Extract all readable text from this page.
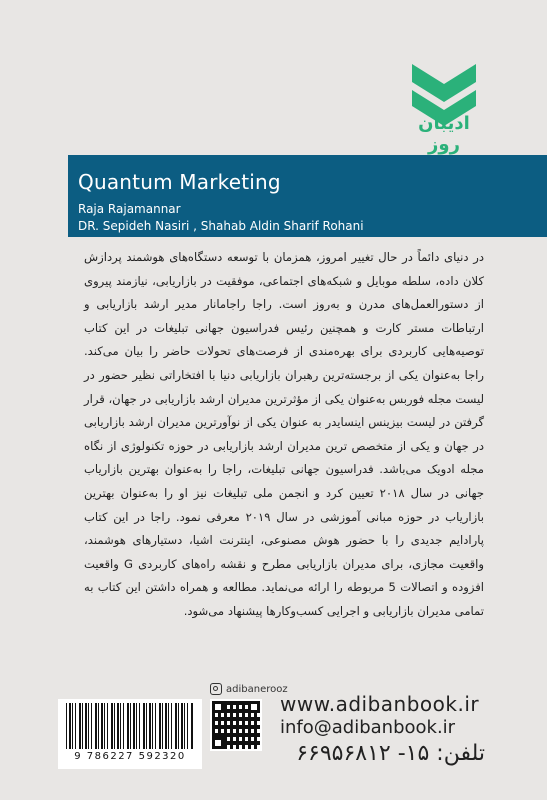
ادیبان روز
Quantum Marketing
Raja Rajamannar
DR. Sepideh Nasiri , Shahab Aldin Sharif Rohani

در دنیای دائماً در حال تغییر امروز، همزمان با توسعه دستگاه‌های هوشمند پردازش کلان داده، سلطه موبایل و شبکه‌های اجتماعی، موفقیت در بازاریابی، نیازمند پیروی از دستورالعمل‌های مدرن و به‌روز است. راجا راجامانار مدیر ارشد بازاریابی و ارتباطات مستر کارت و همچنین رئیس فدراسیون جهانی تبلیغات در این کتاب توصیه‌هایی کاربردی برای بهره‌مندی از فرصت‌های تحولات حاضر را بیان می‌کند. راجا به‌عنوان یکی از برجسته‌ترین رهبران بازاریابی دنیا با افتخاراتی نظیر حضور در لیست مجله فوربس به‌عنوان یکی از مؤثرترین مدیران ارشد بازاریابی در جهان، قرار گرفتن در لیست بیزینس اینسایدر به عنوان یکی از نوآورترین مدیران ارشد بازاریابی در جهان و یکی از متخصص ترین مدیران ارشد بازاریابی در حوزه تکنولوژی از نگاه مجله ادویک می‌باشد. فدراسیون جهانی تبلیغات، راجا را به‌عنوان بهترین بازاریاب جهانی در سال ۲۰۱۸ تعیین کرد و انجمن ملی تبلیغات نیز او را به‌عنوان بهترین بازاریاب در حوزه مبانی آموزشی در سال ۲۰۱۹ معرفی نمود. راجا در این کتاب پارادایم جدیدی را با حضور هوش مصنوعی، اینترنت اشیا، دستیارهای هوشمند، واقعیت مجازی، برای مدیران بازاریابی مطرح و نقشه راه‌های کاربردی G واقعیت افزوده و اتصالات 5 مربوطه را ارائه می‌نماید. مطالعه و همراه داشتن این کتاب به تمامی مدیران بازاریابی و اجرایی کسب‌وکارها پیشنهاد می‌شود.

adibanerooz
9 786227 592320
www.adibanbook.ir
info@adibanbook.ir
تلفن: ۱۵- ۶۶۹۵۶۸۱۲
